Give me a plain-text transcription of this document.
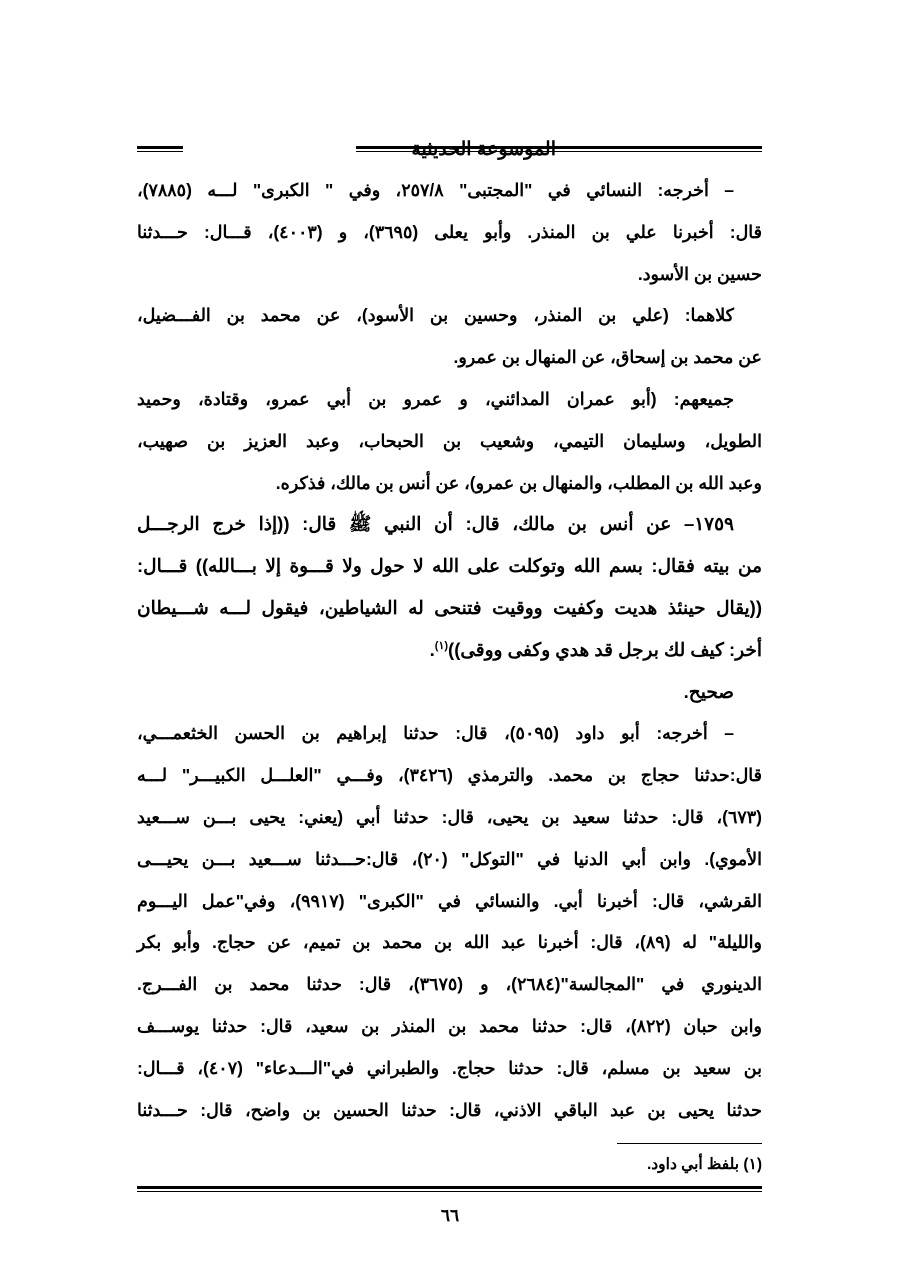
الموسوعة الحديثية
– أخرجه: النسائي في "المجتبى" ٢٥٧/٨، وفي " الكبرى" لـــه (٧٨٨٥)،
قال: أخبرنا علي بن المنذر. وأبو يعلى (٣٦٩٥)، و (٤٠٠٣)، قـــال: حـــدثنا
حسين بن الأسود.
كلاهما: (علي بن المنذر، وحسين بن الأسود)، عن محمد بن الفـــضيل،
عن محمد بن إسحاق، عن المنهال بن عمرو.
جميعهم: (أبو عمران المدائني، و عمرو بن أبي عمرو، وقتادة، وحميد
الطويل، وسليمان التيمي، وشعيب بن الحبحاب، وعبد العزيز بن صهيب،
وعبد الله بن المطلب، والمنهال بن عمرو)، عن أنس بن مالك، فذكره.
١٧٥٩– عن أنس بن مالك، قال: أن النبي ﷺ قال: ((إذا خرج الرجـــل
من بيته فقال: بسم الله وتوكلت على الله لا حول ولا قـــوة إلا بـــالله)) قـــال:
((يقال حينئذ هديت وكفيت ووقيت فتنحى له الشياطين، فيقول لـــه شـــيطان
أخر: كيف لك برجل قد هدي وكفى ووقى))$^{(١)}$.
صحيح.
– أخرجه: أبو داود (٥٠٩٥)، قال: حدثنا إبراهيم بن الحسن الخثعمـــي،
قال:حدثنا حجاج بن محمد. والترمذي (٣٤٢٦)، وفـــي "العلـــل الكبيـــر" لـــه
(٦٧٣)، قال: حدثنا سعيد بن يحيى، قال: حدثنا أبي (يعني: يحيى بـــن ســـعيد
الأموي). وابن أبي الدنيا في "التوكل" (٢٠)، قال:حـــدثنا ســـعيد بـــن يحيـــى
القرشي، قال: أخبرنا أبي. والنسائي في "الكبرى" (٩٩١٧)، وفي"عمل اليـــوم
والليلة" له (٨٩)، قال: أخبرنا عبد الله بن محمد بن تميم، عن حجاج. وأبو بكر
الدينوري في "المجالسة"(٢٦٨٤)، و (٣٦٧٥)، قال: حدثنا محمد بن الفـــرج.
وابن حبان (٨٢٢)، قال: حدثنا محمد بن المنذر بن سعيد، قال: حدثنا يوســـف
بن سعيد بن مسلم، قال: حدثنا حجاج. والطبراني في"الـــدعاء" (٤٠٧)، قـــال:
حدثنا يحيى بن عبد الباقي الاذني، قال: حدثنا الحسين بن واضح، قال: حـــدثنا
(١) بلفظ أبي داود.
٦٦
